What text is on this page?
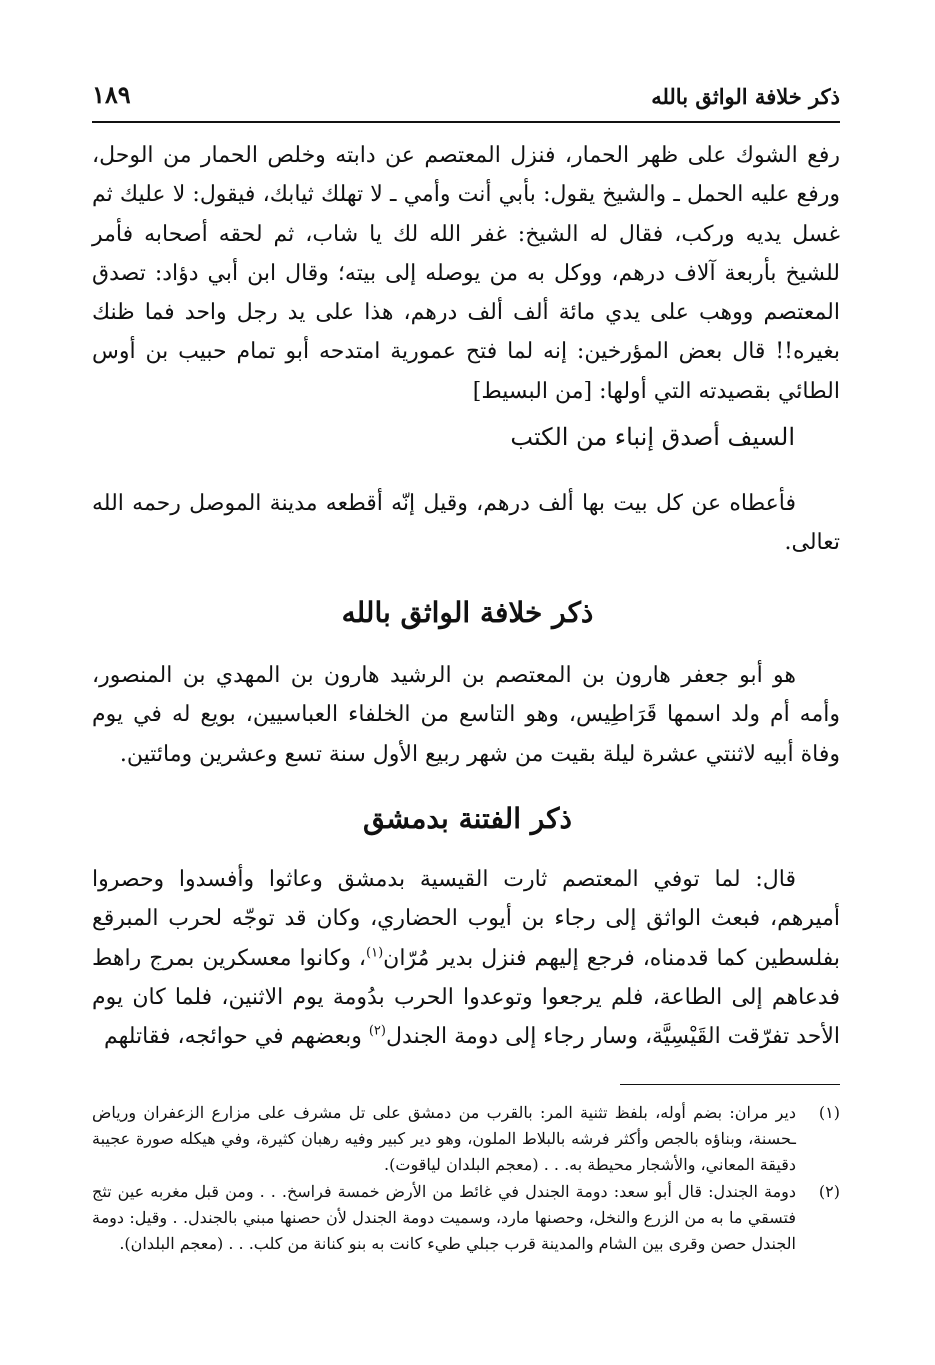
ذكر خلافة الواثق بالله
١٨٩

رفع الشوك على ظهر الحمار، فنزل المعتصم عن دابته وخلص الحمار من الوحل، ورفع عليه الحمل ـ والشيخ يقول: بأبي أنت وأمي ـ لا تهلك ثيابك، فيقول: لا عليك ثم غسل يديه وركب، فقال له الشيخ: غفر الله لك يا شاب، ثم لحقه أصحابه فأمر للشيخ بأربعة آلاف درهم، ووكل به من يوصله إلى بيته؛ وقال ابن أبي دؤاد: تصدق المعتصم ووهب على يدي مائة ألف ألف درهم، هذا على يد رجل واحد فما ظنك بغيره!! قال بعض المؤرخين: إنه لما فتح عمورية امتدحه أبو تمام حبيب بن أوس الطائي بقصيدته التي أولها: [من البسيط]

السيف أصدق إنباء من الكتب

فأعطاه عن كل بيت بها ألف درهم، وقيل إنّه أقطعه مدينة الموصل رحمه الله تعالى.

ذكر خلافة الواثق بالله

هو أبو جعفر هارون بن المعتصم بن الرشيد هارون بن المهدي بن المنصور، وأمه أم ولد اسمها قَرَاطِيس، وهو التاسع من الخلفاء العباسيين، بويع له في يوم وفاة أبيه لاثنتي عشرة ليلة بقيت من شهر ربيع الأول سنة تسع وعشرين ومائتين.

ذكر الفتنة بدمشق

قال: لما توفي المعتصم ثارت القيسية بدمشق وعاثوا وأفسدوا وحصروا أميرهم، فبعث الواثق إلى رجاء بن أيوب الحضاري، وكان قد توجّه لحرب المبرقع بفلسطين كما قدمناه، فرجع إليهم فنزل بدير مُرّان$^{(١)}$، وكانوا معسكرين بمرج راهط فدعاهم إلى الطاعة، فلم يرجعوا وتوعدوا الحرب بدُومة يوم الاثنين، فلما كان يوم الأحد تفرّقت القَيْسِيَّة، وسار رجاء إلى دومة الجندل$^{(٢)}$ وبعضهم في حوائجه، فقاتلهم

(١)
دير مران: بضم أوله، بلفظ تثنية المر: بالقرب من دمشق على تل مشرف على مزارع الزعفران ورياض ـحسنة، وبناؤه بالجص وأكثر فرشه بالبلاط الملون، وهو دير كبير وفيه رهبان كثيرة، وفي هيكله صورة عجيبة دقيقة المعاني، والأشجار محيطة به. . . (معجم البلدان لياقوت).
(٢)
دومة الجندل: قال أبو سعد: دومة الجندل في غائط من الأرض خمسة فراسخ. . . ومن قبل مغربه عين تثج فتسقي ما به من الزرع والنخل، وحصنها مارد، وسميت دومة الجندل لأن حصنها مبني بالجندل. . وقيل: دومة الجندل حصن وقرى بين الشام والمدينة قرب جبلي طيء كانت به بنو كنانة من كلب. . . (معجم البلدان).
